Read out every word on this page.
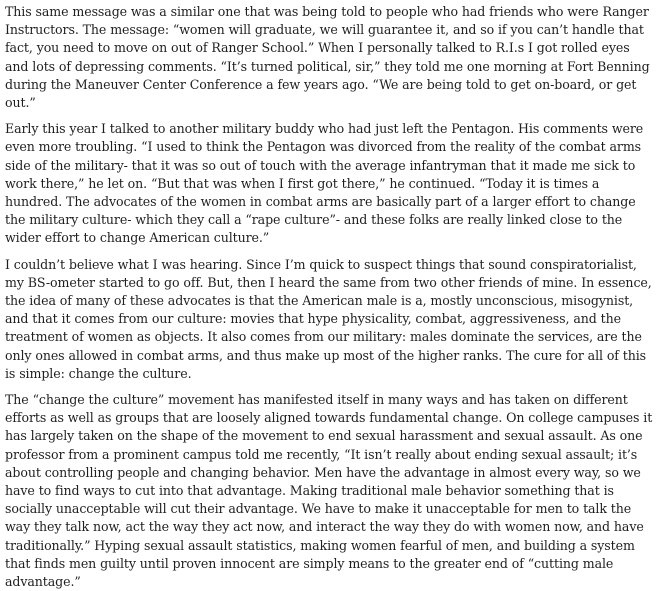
This same message was a similar one that was being told to people who had friends who were Ranger Instructors. The message: “women will graduate, we will guarantee it, and so if you can’t handle that fact, you need to move on out of Ranger School.” When I personally talked to R.I.s I got rolled eyes and lots of depressing comments. “It’s turned political, sir,” they told me one morning at Fort Benning during the Maneuver Center Conference a few years ago. “We are being told to get on-board, or get out.”

Early this year I talked to another military buddy who had just left the Pentagon. His comments were even more troubling. “I used to think the Pentagon was divorced from the reality of the combat arms side of the military- that it was so out of touch with the average infantryman that it made me sick to work there,” he let on. “But that was when I first got there,” he continued. “Today it is times a hundred. The advocates of the women in combat arms are basically part of a larger effort to change the military culture- which they call a “rape culture”- and these folks are really linked close to the wider effort to change American culture.”

I couldn’t believe what I was hearing. Since I’m quick to suspect things that sound conspiratorialist, my BS-ometer started to go off. But, then I heard the same from two other friends of mine. In essence, the idea of many of these advocates is that the American male is a, mostly unconscious, misogynist, and that it comes from our culture: movies that hype physicality, combat, aggressiveness, and the treatment of women as objects. It also comes from our military: males dominate the services, are the only ones allowed in combat arms, and thus make up most of the higher ranks. The cure for all of this is simple: change the culture.

The “change the culture” movement has manifested itself in many ways and has taken on different efforts as well as groups that are loosely aligned towards fundamental change. On college campuses it has largely taken on the shape of the movement to end sexual harassment and sexual assault. As one professor from a prominent campus told me recently, “It isn’t really about ending sexual assault; it’s about controlling people and changing behavior. Men have the advantage in almost every way, so we have to find ways to cut into that advantage. Making traditional male behavior something that is socially unacceptable will cut their advantage. We have to make it unacceptable for men to talk the way they talk now, act the way they act now, and interact the way they do with women now, and have traditionally.” Hyping sexual assault statistics, making women fearful of men, and building a system that finds men guilty until proven innocent are simply means to the greater end of “cutting male advantage.”
